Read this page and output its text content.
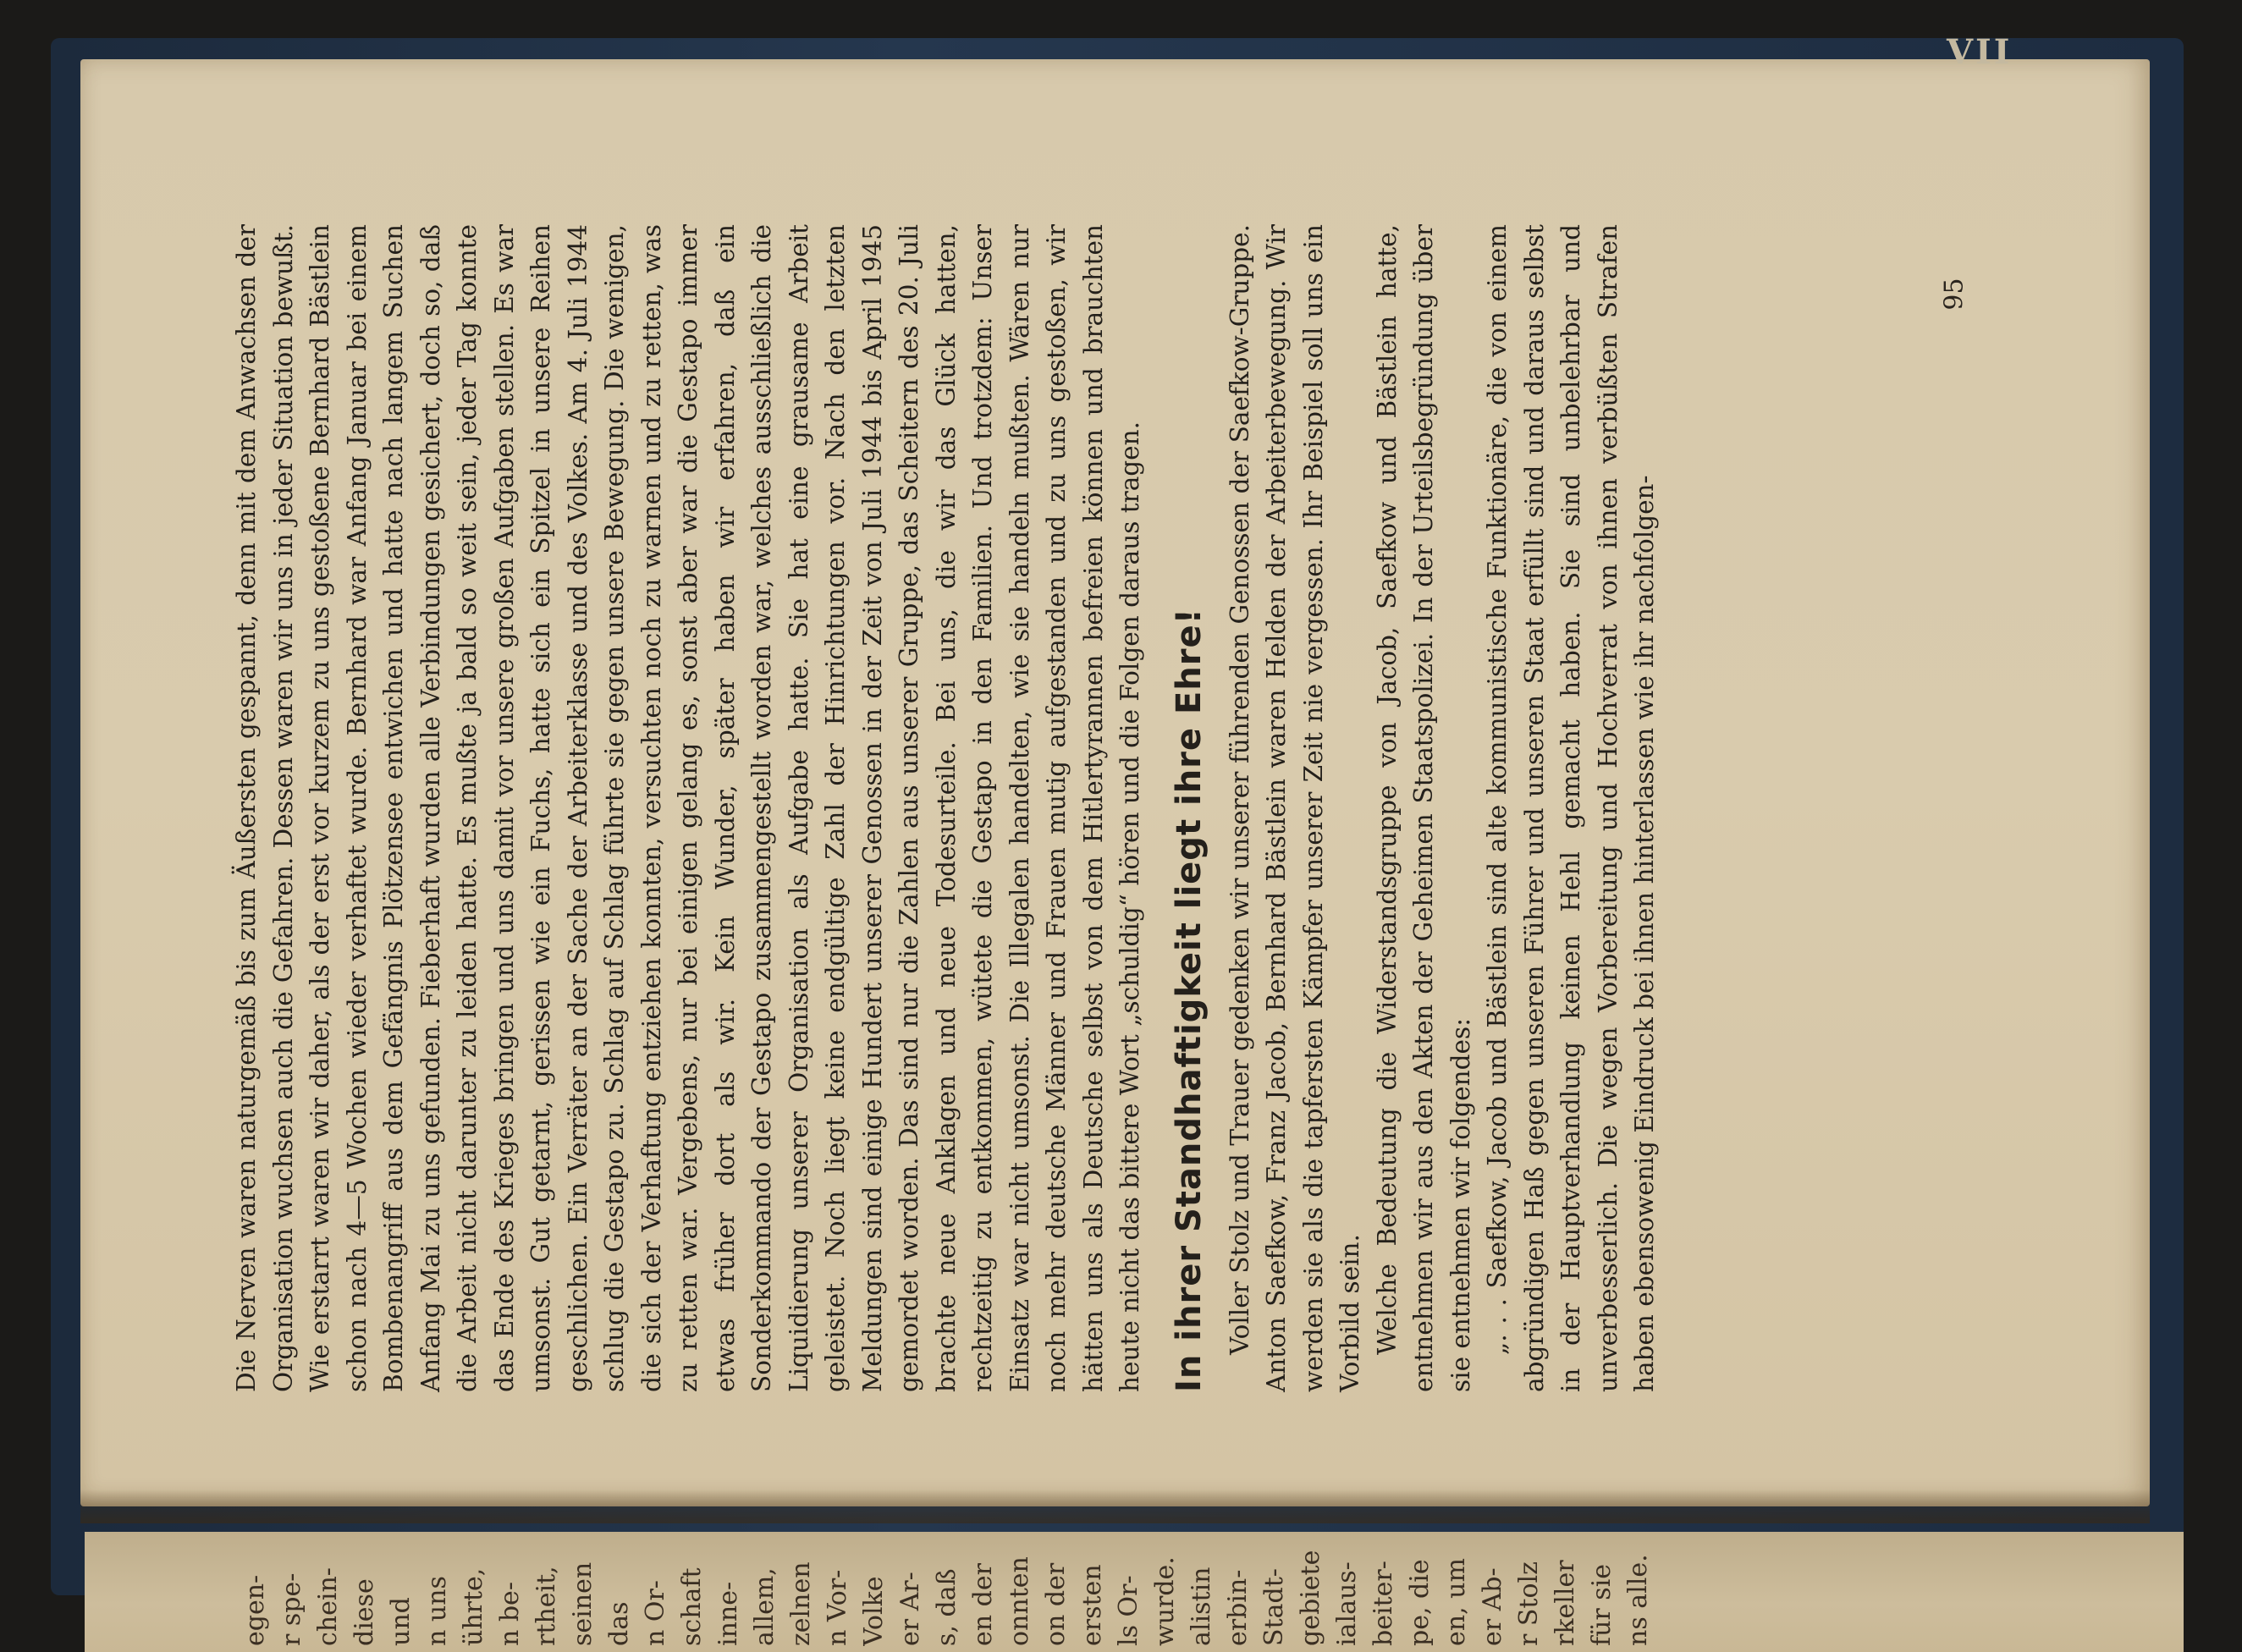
VII

Die Nerven waren naturgemäß bis zum Äußersten gespannt, denn mit dem Anwachsen der Organisation wuchsen auch die Gefahren. Dessen waren wir uns in jeder Situation bewußt. Wie erstarrt waren wir daher, als der erst vor kurzem zu uns gestoßene Bernhard Bästlein schon nach 4—5 Wochen wieder verhaftet wurde. Bernhard war Anfang Januar bei einem Bombenangriff aus dem Gefängnis Plötzensee entwichen und hatte nach langem Suchen Anfang Mai zu uns gefunden. Fieberhaft wurden alle Verbindungen gesichert, doch so, daß die Arbeit nicht darunter zu leiden hatte. Es mußte ja bald so weit sein, jeder Tag konnte das Ende des Krieges bringen und uns damit vor unsere großen Aufgaben stellen. Es war umsonst. Gut getarnt, gerissen wie ein Fuchs, hatte sich ein Spitzel in unsere Reihen geschlichen. Ein Verräter an der Sache der Arbeiterklasse und des Volkes. Am 4. Juli 1944 schlug die Gestapo zu. Schlag auf Schlag führte sie gegen unsere Bewegung. Die wenigen, die sich der Verhaftung entziehen konnten, versuchten noch zu warnen und zu retten, was zu retten war. Vergebens, nur bei einigen gelang es, sonst aber war die Gestapo immer etwas früher dort als wir. Kein Wunder, später haben wir erfahren, daß ein Sonderkommando der Gestapo zusammengestellt worden war, welches ausschließlich die Liquidierung unserer Organisation als Aufgabe hatte. Sie hat eine grausame Arbeit geleistet. Noch liegt keine endgültige Zahl der Hinrichtungen vor. Nach den letzten Meldungen sind einige Hundert unserer Genossen in der Zeit von Juli 1944 bis April 1945 gemordet worden. Das sind nur die Zahlen aus unserer Gruppe, das Scheitern des 20. Juli brachte neue Anklagen und neue Todesurteile. Bei uns, die wir das Glück hatten, rechtzeitig zu entkommen, wütete die Gestapo in den Familien. Und trotzdem: Unser Einsatz war nicht umsonst. Die Illegalen handelten, wie sie handeln mußten. Wären nur noch mehr deutsche Männer und Frauen mutig aufgestanden und zu uns gestoßen, wir hätten uns als Deutsche selbst von dem Hitlertyrannen befreien können und brauchten heute nicht das bittere Wort „schuldig“ hören und die Folgen daraus tragen. In ihrer Standhaftigkeit liegt ihre Ehre! Voller Stolz und Trauer gedenken wir unserer führenden Genossen der Saefkow-Gruppe. Anton Saefkow, Franz Jacob, Bernhard Bästlein waren Helden der Arbeiterbewegung. Wir werden sie als die tapfersten Kämpfer unserer Zeit nie vergessen. Ihr Beispiel soll uns ein Vorbild sein. Welche Bedeutung die Widerstandsgruppe von Jacob, Saefkow und Bästlein hatte, entnehmen wir aus den Akten der Geheimen Staatspolizei. In der Urteilsbegründung über sie entnehmen wir folgendes: „. . . Saefkow, Jacob und Bästlein sind alte kommunistische Funktionäre, die von einem abgründigen Haß gegen unseren Führer und unseren Staat erfüllt sind und daraus selbst in der Hauptverhandlung keinen Hehl gemacht haben. Sie sind unbelehrbar und unverbesserlich. Die wegen Vorbereitung und Hochverrat von ihnen verbüßten Strafen haben ebensowenig Eindruck bei ihnen hinterlassen wie ihr nachfolgen-

95
egen- r spe- chein- diese und n uns ührte, n be- rtheit, seinen das n Or- schaft inne- allem, zelnen n Vor- Volke er Ar- s, daß en der onnten on der ersten ls Or- wurde. alistin erbin- Stadt- gebiete ialaus- beiter- pe, die en, um er Ab- r Stolz rkeller für sie ns alle.
